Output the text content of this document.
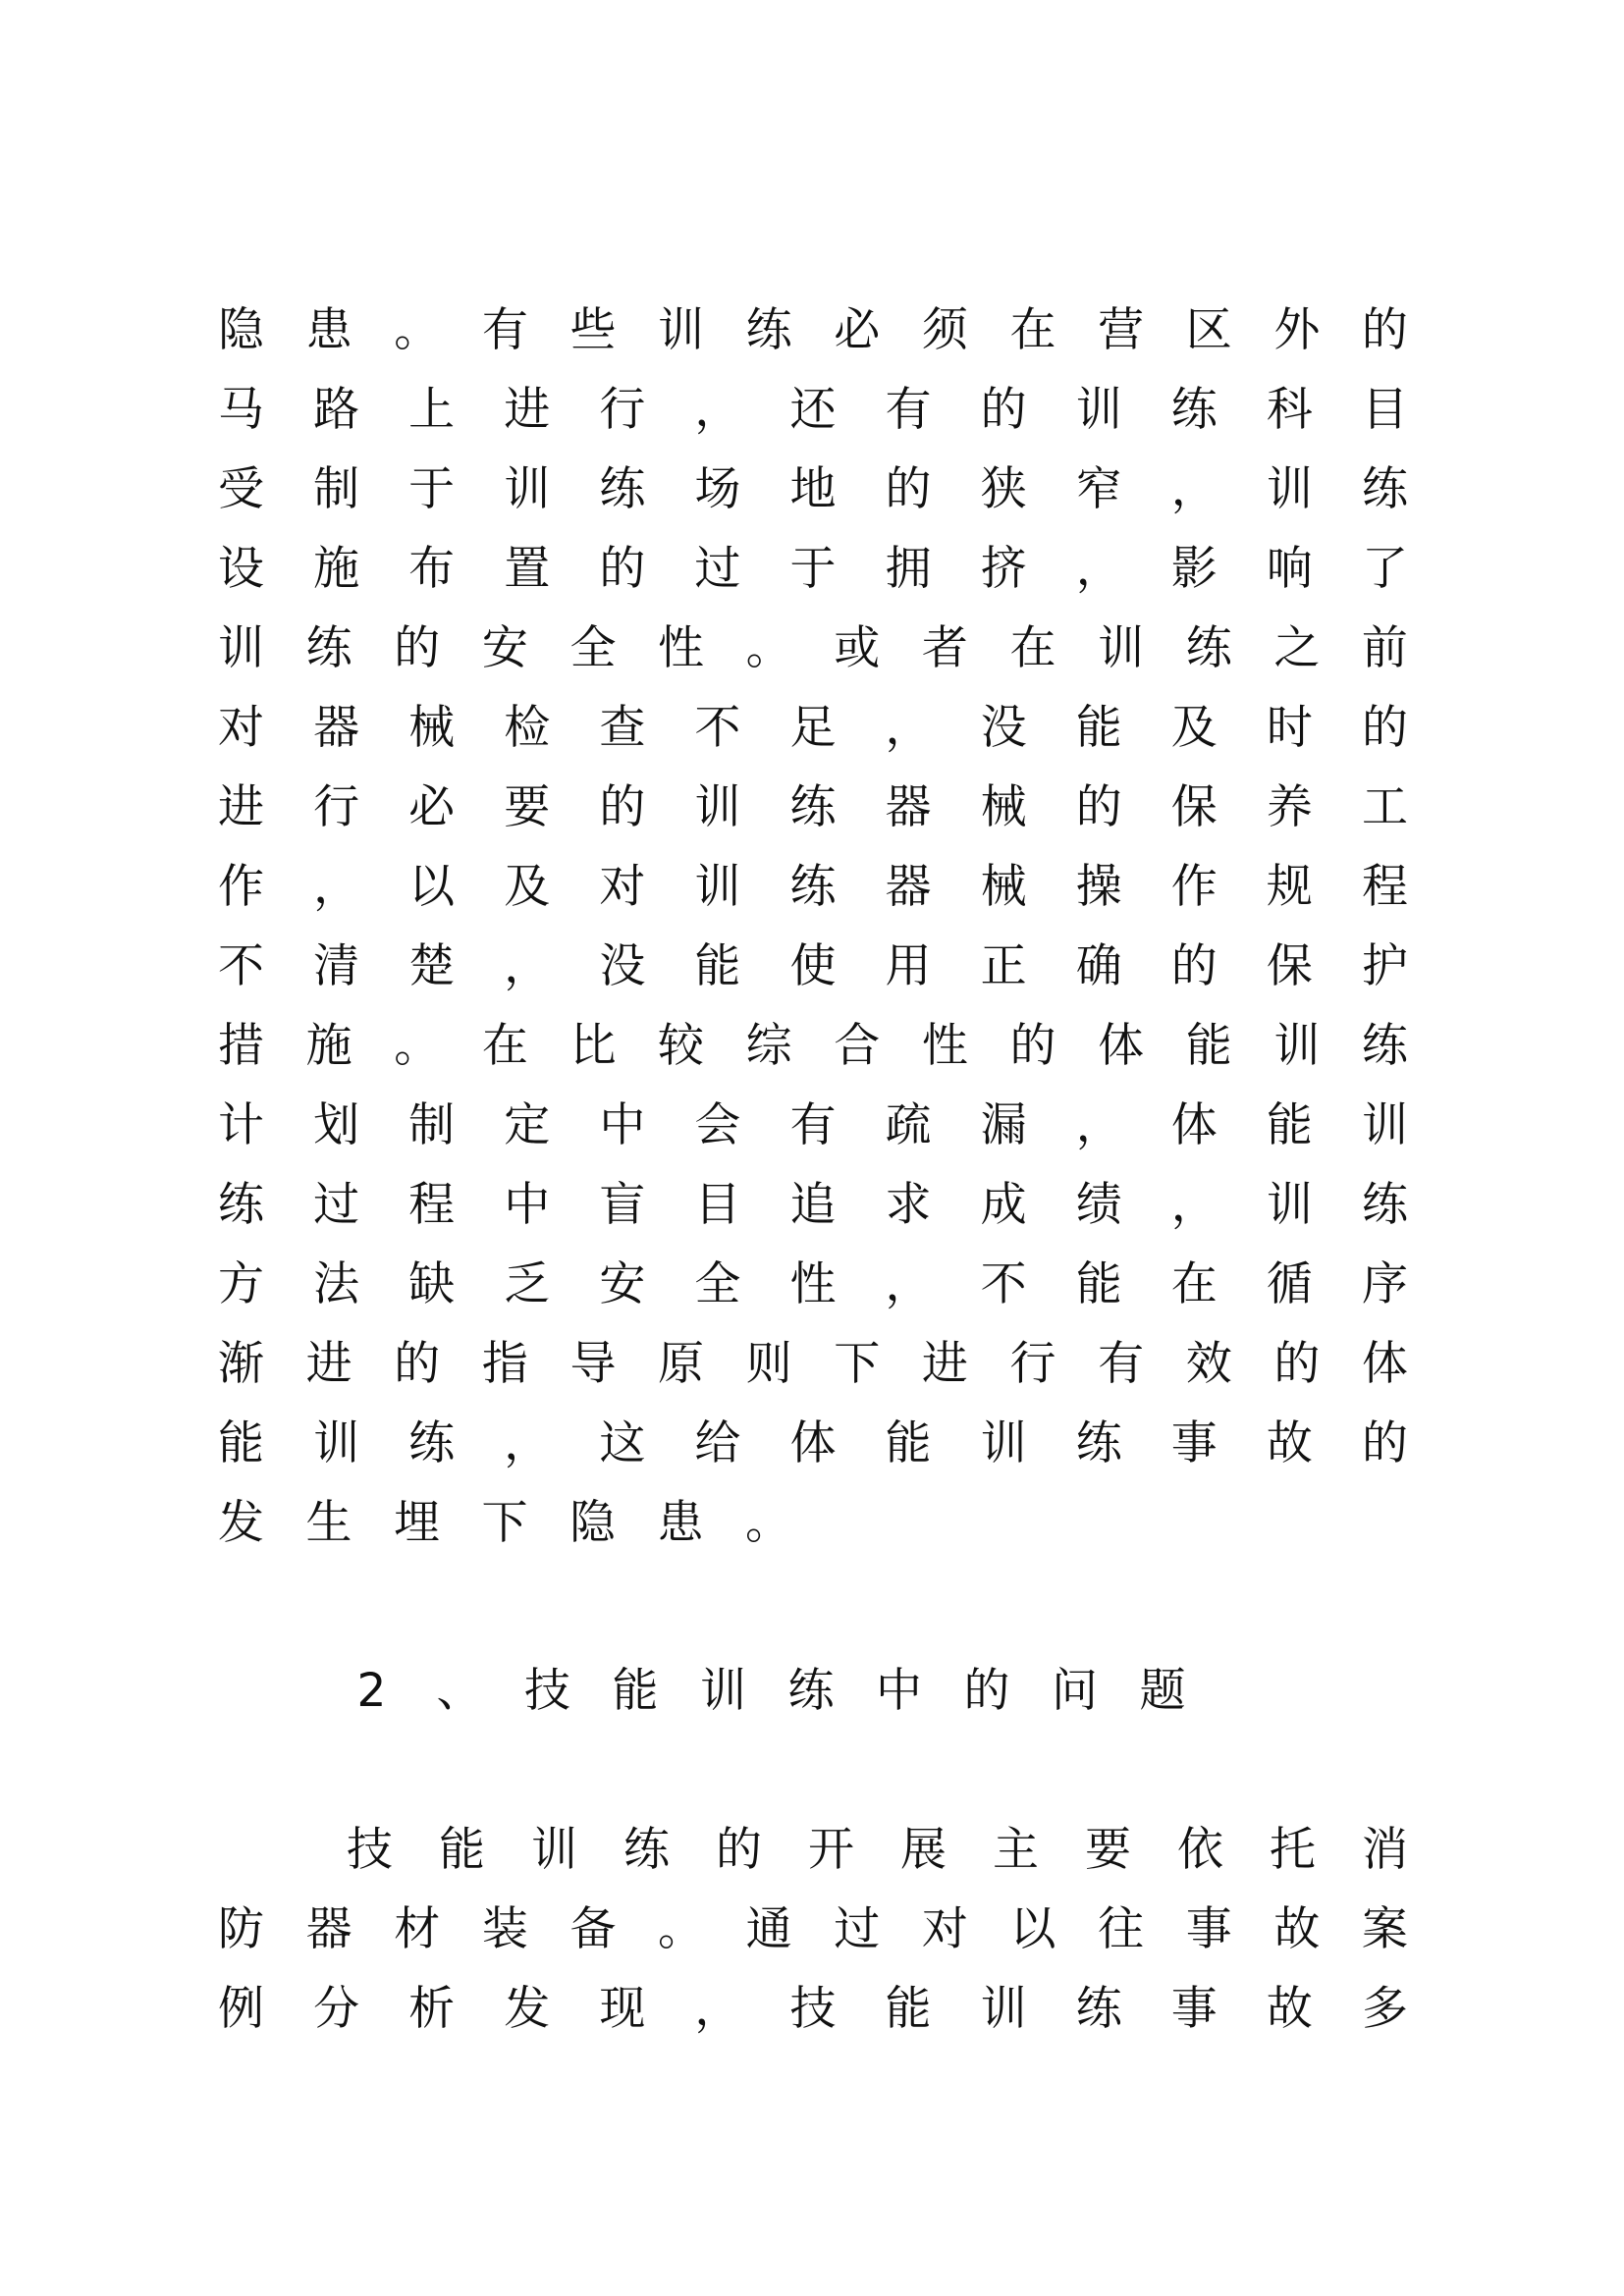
隐 患 。 有 些 训 练 必 须 在 营 区 外 的
马 路 上 进 行 ， 还 有 的 训 练 科 目
受 制 于 训 练 场 地 的 狭 窄 ， 训 练
设 施 布 置 的 过 于 拥 挤 ， 影 响 了
训 练 的 安 全 性 。 或 者 在 训 练 之 前
对 器 械 检 查 不 足 ， 没 能 及 时 的
进 行 必 要 的 训 练 器 械 的 保 养 工
作 ， 以 及 对 训 练 器 械 操 作 规 程
不 清 楚 ， 没 能 使 用 正 确 的 保 护
措 施 。 在 比 较 综 合 性 的 体 能 训 练
计 划 制 定 中 会 有 疏 漏 ， 体 能 训
练 过 程 中 盲 目 追 求 成 绩 ， 训 练
方 法 缺 乏 安 全 性 ， 不 能 在 循 序
渐 进 的 指 导 原 则 下 进 行 有 效 的 体
能 训 练 ， 这 给 体 能 训 练 事 故 的
发 生 埋 下 隐 患 。
2 、 技 能 训 练 中 的 问 题
技 能 训 练 的 开 展 主 要 依 托 消
防 器 材 装 备 。 通 过 对 以 往 事 故 案
例 分 析 发 现 ， 技 能 训 练 事 故 多
